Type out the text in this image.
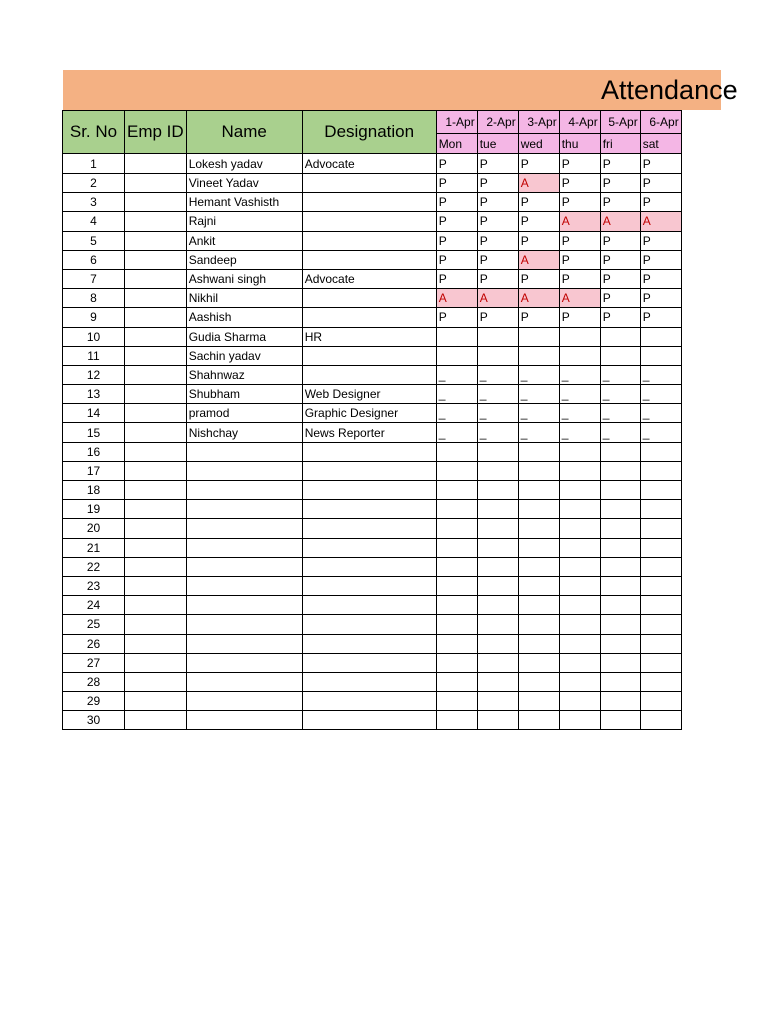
Attendance
Sr. No	Emp ID	Name	Designation	1-Apr	2-Apr	3-Apr	4-Apr	5-Apr	6-Apr
				Mon	tue	wed	thu	fri	sat
1		Lokesh yadav	Advocate	P	P	P	P	P	P
2		Vineet Yadav		P	P	A	P	P	P
3		Hemant Vashisth		P	P	P	P	P	P
4		Rajni		P	P	P	A	A	A
5		Ankit		P	P	P	P	P	P
6		Sandeep		P	P	A	P	P	P
7		Ashwani singh	Advocate	P	P	P	P	P	P
8		Nikhil		A	A	A	A	P	P
9		Aashish		P	P	P	P	P	P
10		Gudia Sharma	HR						
11		Sachin yadav							
12		Shahnwaz		_	_	_	_	_	_
13		Shubham	Web Designer	_	_	_	_	_	_
14		pramod	Graphic Designer	_	_	_	_	_	_
15		Nishchay	News Reporter	_	_	_	_	_	_
16									
17									
18									
19									
20									
21									
22									
23									
24									
25									
26									
27									
28									
29									
30									
